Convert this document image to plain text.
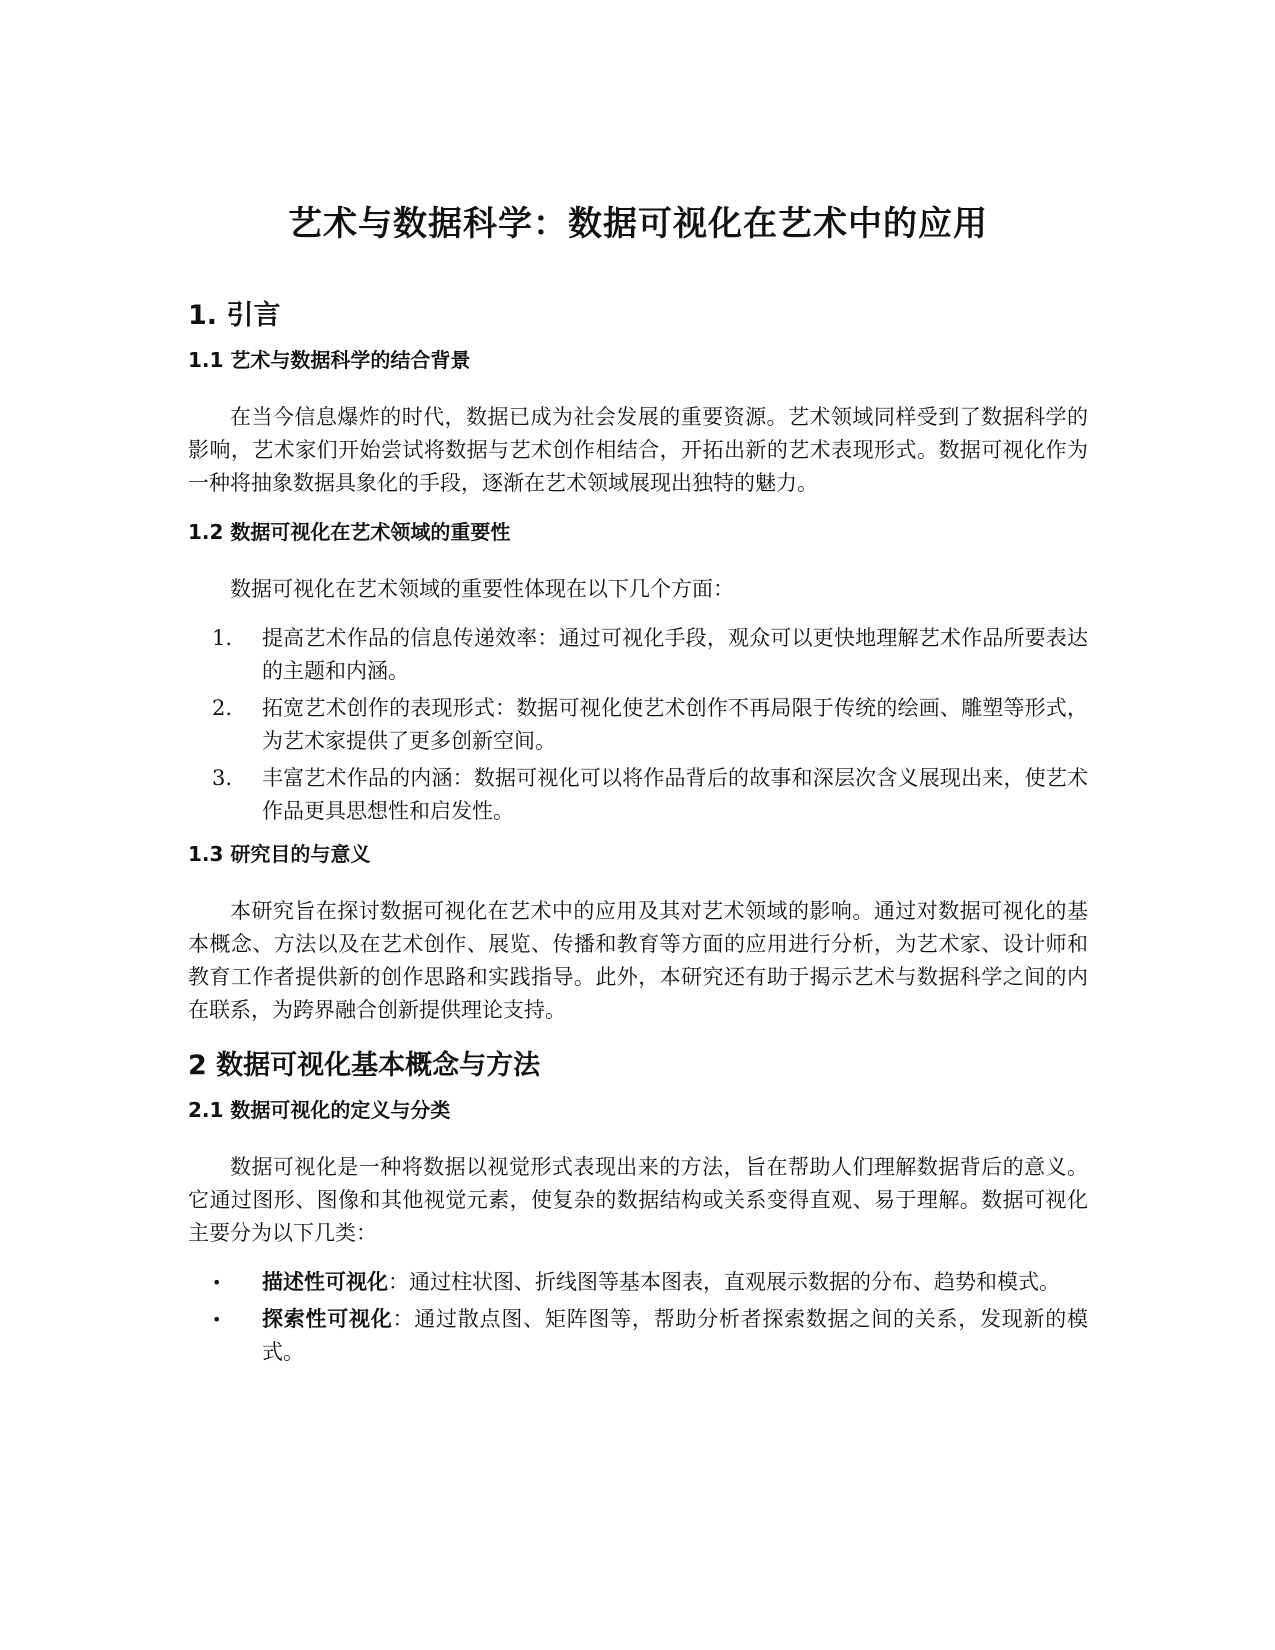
艺术与数据科学：数据可视化在艺术中的应用
1. 引言
1.1 艺术与数据科学的结合背景

在当今信息爆炸的时代，数据已成为社会发展的重要资源。艺术领域同样受到了数据科学的影响，艺术家们开始尝试将数据与艺术创作相结合，开拓出新的艺术表现形式。数据可视化作为一种将抽象数据具象化的手段，逐渐在艺术领域展现出独特的魅力。

1.2 数据可视化在艺术领域的重要性

数据可视化在艺术领域的重要性体现在以下几个方面：

1. 提高艺术作品的信息传递效率：通过可视化手段，观众可以更快地理解艺术作品所要表达的主题和内涵。
2. 拓宽艺术创作的表现形式：数据可视化使艺术创作不再局限于传统的绘画、雕塑等形式，为艺术家提供了更多创新空间。
3. 丰富艺术作品的内涵：数据可视化可以将作品背后的故事和深层次含义展现出来，使艺术作品更具思想性和启发性。
1.3 研究目的与意义

本研究旨在探讨数据可视化在艺术中的应用及其对艺术领域的影响。通过对数据可视化的基本概念、方法以及在艺术创作、展览、传播和教育等方面的应用进行分析，为艺术家、设计师和教育工作者提供新的创作思路和实践指导。此外，本研究还有助于揭示艺术与数据科学之间的内在联系，为跨界融合创新提供理论支持。

2 数据可视化基本概念与方法
2.1 数据可视化的定义与分类

数据可视化是一种将数据以视觉形式表现出来的方法，旨在帮助人们理解数据背后的意义。它通过图形、图像和其他视觉元素，使复杂的数据结构或关系变得直观、易于理解。数据可视化主要分为以下几类：

• 描述性可视化：通过柱状图、折线图等基本图表，直观展示数据的分布、趋势和模式。
• 探索性可视化：通过散点图、矩阵图等，帮助分析者探索数据之间的关系，发现新的模式。
